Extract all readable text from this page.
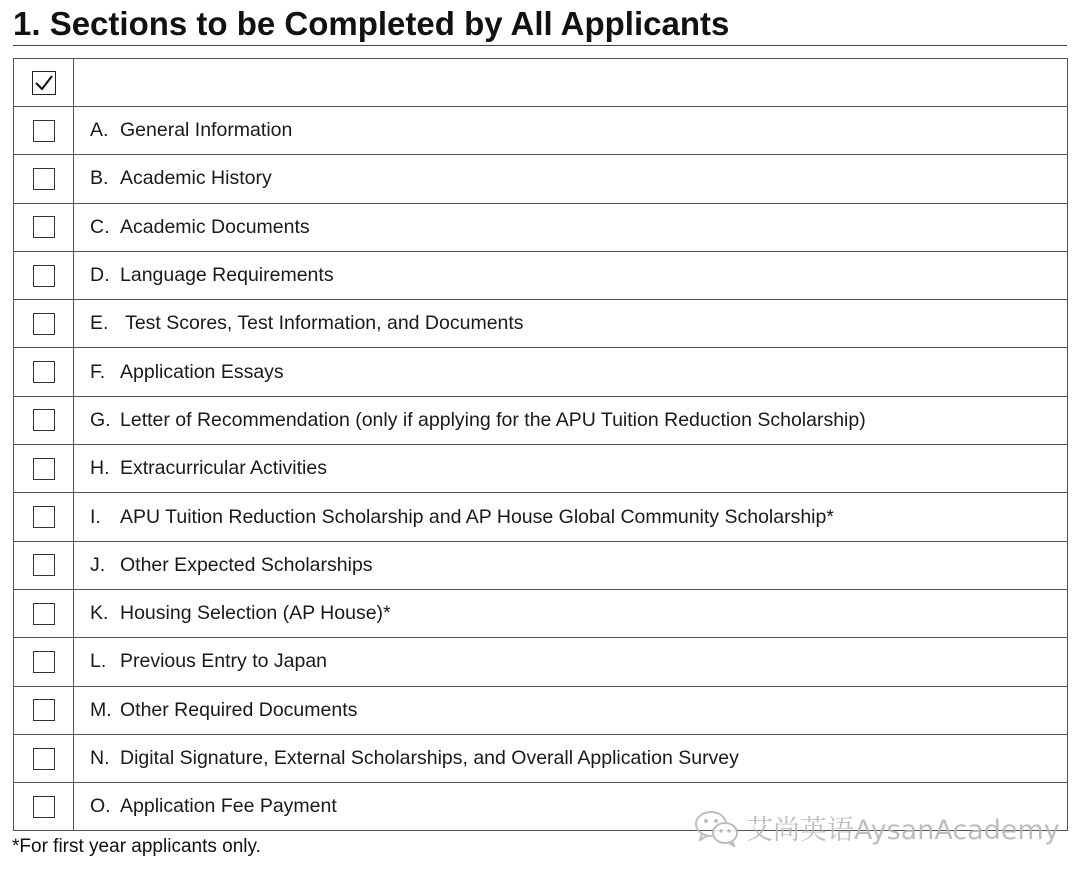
1. Sections to be Completed by All Applicants

	A. General Information
	B. Academic History
	C. Academic Documents
	D. Language Requirements
	E. Test Scores, Test Information, and Documents
	F. Application Essays
	G. Letter of Recommendation (only if applying for the APU Tuition Reduction Scholarship)
	H. Extracurricular Activities
	I. APU Tuition Reduction Scholarship and AP House Global Community Scholarship*
	J. Other Expected Scholarships
	K. Housing Selection (AP House)*
	L. Previous Entry to Japan
	M. Other Required Documents
	N. Digital Signature, External Scholarships, and Overall Application Survey
	O. Application Fee Payment
*For first year applicants only.
艾尚英语AysanAcademy
